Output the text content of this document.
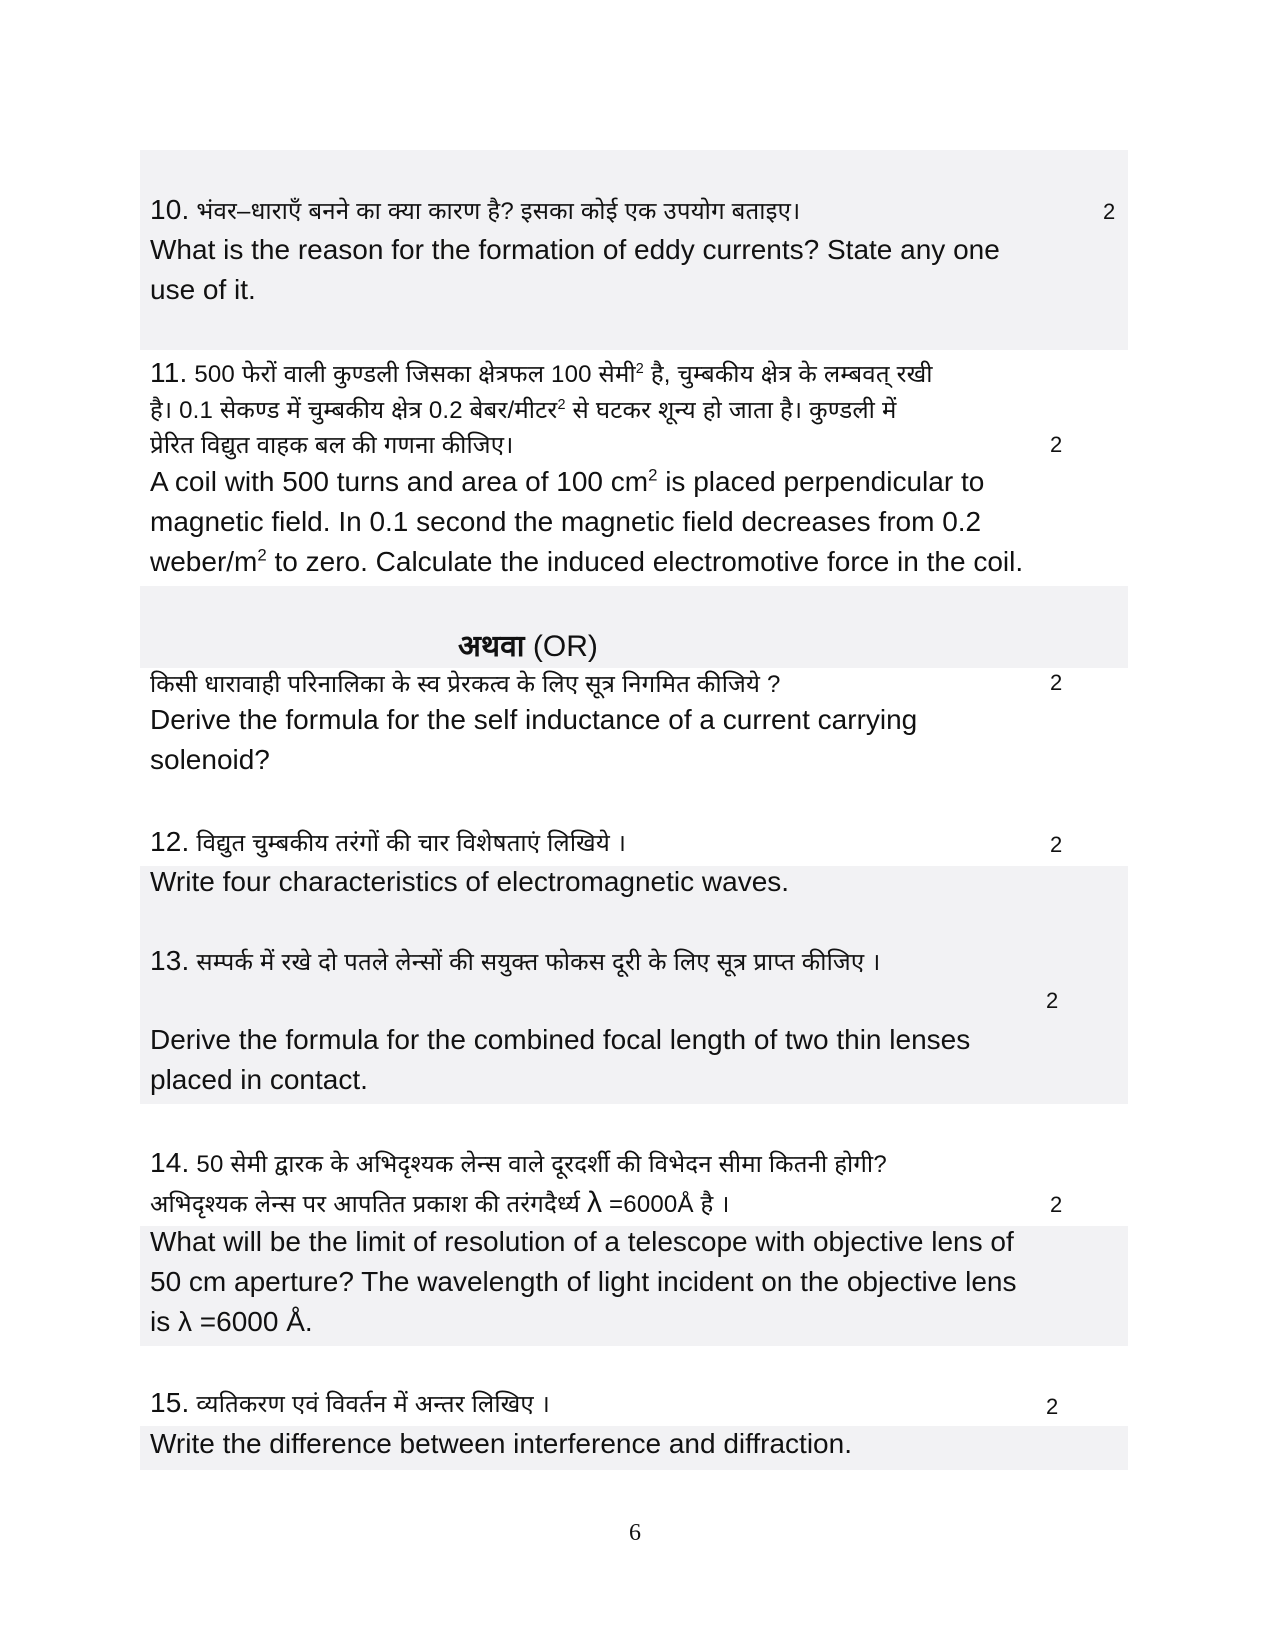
10. भंवर–धाराएँ बनने का क्या कारण है? इसका कोई एक उपयोग बताइए।	2
What is the reason for the formation of eddy currents? State any one
use of it.
11. 500 फेरों वाली कुण्डली जिसका क्षेत्रफल 100 सेमी$^2$ है, चुम्बकीय क्षेत्र के लम्बवत् रखी
है। 0.1 सेकण्ड में चुम्बकीय क्षेत्र 0.2 बेबर/मीटर$^2$ से घटकर शून्य हो जाता है। कुण्डली में
प्रेरित विद्युत वाहक बल की गणना कीजिए।	2
A coil with 500 turns and area of 100 $cm^2$ is placed perpendicular to
magnetic field. In 0.1 second the magnetic field decreases from 0.2
weber/$m^2$ to zero. Calculate the induced electromotive force in the coil.
अथवा (OR)
किसी धारावाही परिनालिका के स्व प्रेरकत्व के लिए सूत्र निगमित कीजिये ?	2
Derive the formula for the self inductance of a current carrying
solenoid?
12. विद्युत चुम्बकीय तरंगों की चार विशेषताएं लिखिये ।	2
Write four characteristics of electromagnetic waves.
13. सम्पर्क में रखे दो पतले लेन्सों की सयुक्त फोकस दूरी के लिए सूत्र प्राप्त कीजिए ।
2
Derive the formula for the combined focal length of two thin lenses
placed in contact.
14. 50 सेमी द्वारक के अभिदृश्यक लेन्स वाले दूरदर्शी की विभेदन सीमा कितनी होगी?
अभिदृश्यक लेन्स पर आपतित प्रकाश की तरंगदैर्ध्य λ =6000Å है ।	2
What will be the limit of resolution of a telescope with objective lens of
50 cm aperture? The wavelength of light incident on the objective lens
is λ =6000 Å.
15. व्यतिकरण एवं विवर्तन में अन्तर लिखिए ।	2
Write the difference between interference and diffraction.
6
